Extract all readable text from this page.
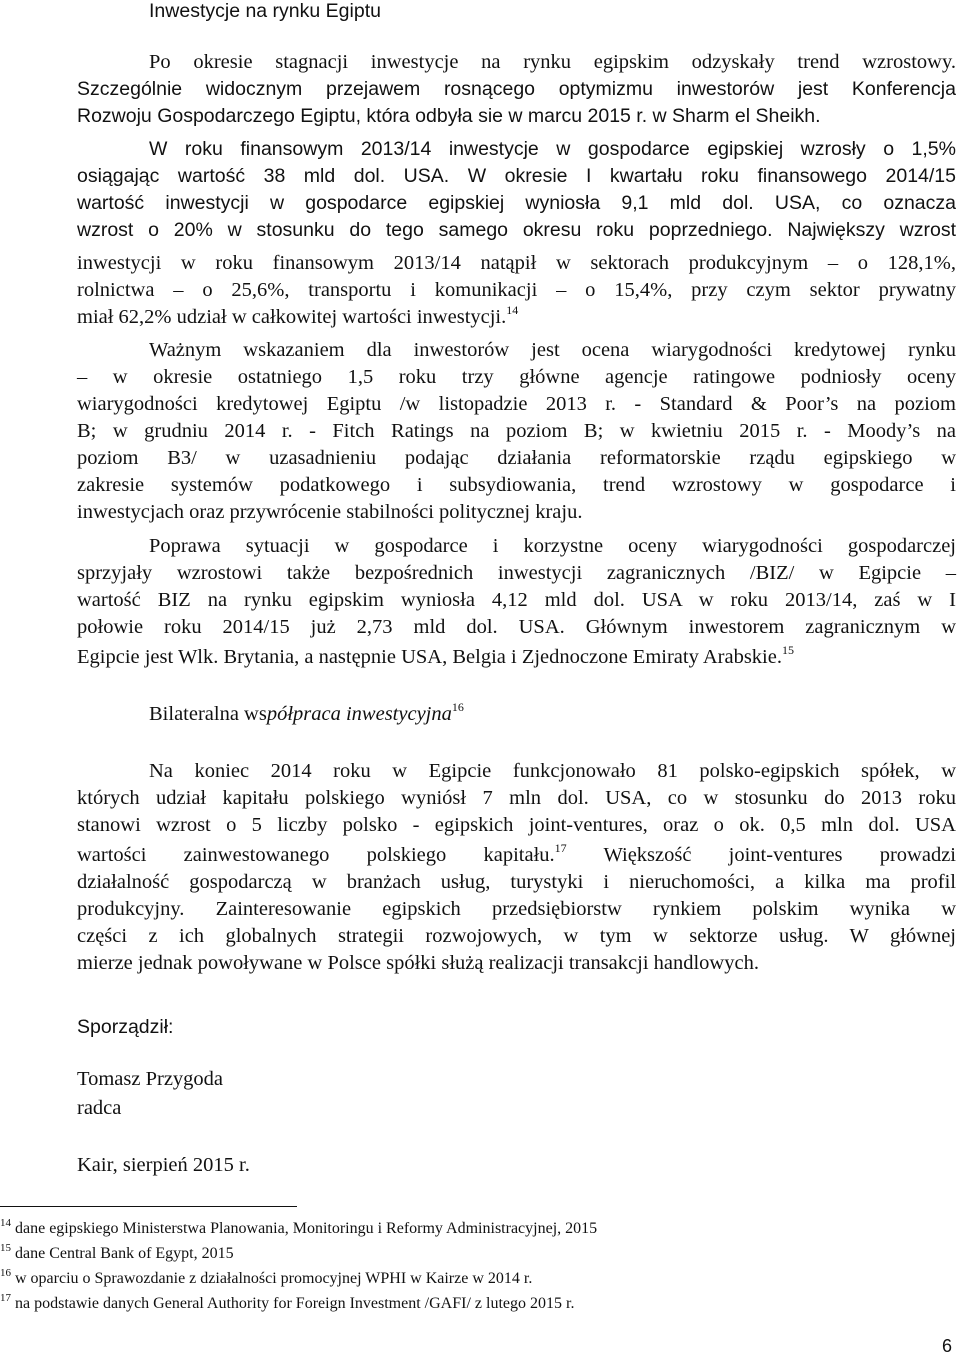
Inwestycje na rynku Egiptu
Po okresie stagnacji inwestycje na rynku egipskim odzyskały trend wzrostowy.
Szczególnie widocznym przejawem rosnącego optymizmu inwestorów jest Konferencja
Rozwoju Gospodarczego Egiptu, która odbyła sie w marcu 2015 r. w Sharm el Sheikh.
W roku finansowym 2013/14 inwestycje w gospodarce egipskiej wzrosły o 1,5%
osiągając wartość 38 mld dol. USA. W okresie I kwartału roku finansowego 2014/15
wartość inwestycji w gospodarce egipskiej wyniosła 9,1 mld dol. USA, co oznacza
wzrost o 20% w stosunku do tego samego okresu roku poprzedniego. Największy wzrost
inwestycji w roku finansowym 2013/14 natąpił w sektorach produkcyjnym – o 128,1%,
rolnictwa – o 25,6%, transportu i komunikacji – o 15,4%, przy czym sektor prywatny
miał 62,2% udział w całkowitej wartości inwestycji.$^{14}$
Ważnym wskazaniem dla inwestorów jest ocena wiarygodności kredytowej rynku
– w okresie ostatniego 1,5 roku trzy główne agencje ratingowe podniosły oceny
wiarygodności kredytowej Egiptu /w listopadzie 2013 r. - Standard & Poor’s na poziom
B; w grudniu 2014 r. - Fitch Ratings na poziom B; w kwietniu 2015 r. - Moody’s na
poziom B3/ w uzasadnieniu podając działania reformatorskie rządu egipskiego w
zakresie systemów podatkowego i subsydiowania, trend wzrostowy w gospodarce i
inwestycjach oraz przywrócenie stabilności politycznej kraju.
Poprawa sytuacji w gospodarce i korzystne oceny wiarygodności gospodarczej
sprzyjały wzrostowi także bezpośrednich inwestycji zagranicznych /BIZ/ w Egipcie –
wartość BIZ na rynku egipskim wyniosła 4,12 mld dol. USA w roku 2013/14, zaś w I
połowie roku 2014/15 już 2,73 mld dol. USA. Głównym inwestorem zagranicznym w
Egipcie jest Wlk. Brytania, a następnie USA, Belgia i Zjednoczone Emiraty Arabskie.$^{15}$
Bilateralna współpraca inwestycyjna$^{16}$
Na koniec 2014 roku w Egipcie funkcjonowało 81 polsko-egipskich spółek, w
których udział kapitału polskiego wyniósł 7 mln dol. USA, co w stosunku do 2013 roku
stanowi wzrost o 5 liczby polsko - egipskich joint-ventures, oraz o ok. 0,5 mln dol. USA
wartości zainwestowanego polskiego kapitału.$^{17}$ Większość joint-ventures prowadzi
działalność gospodarczą w branżach usług, turystyki i nieruchomości, a kilka ma profil
produkcyjny. Zainteresowanie egipskich przedsiębiorstw rynkiem polskim wynika w
części z ich globalnych strategii rozwojowych, w tym w sektorze usług. W głównej
mierze jednak powoływane w Polsce spółki służą realizacji transakcji handlowych.
Sporządził:
Tomasz Przygoda
radca
Kair, sierpień 2015 r.
$^{14}$ dane egipskiego Ministerstwa Planowania, Monitoringu i Reformy Administracyjnej, 2015
$^{15}$ dane Central Bank of Egypt, 2015
$^{16}$ w oparciu o Sprawozdanie z działalności promocyjnej WPHI w Kairze w 2014 r.
$^{17}$ na podstawie danych General Authority for Foreign Investment /GAFI/ z lutego 2015 r.
6
